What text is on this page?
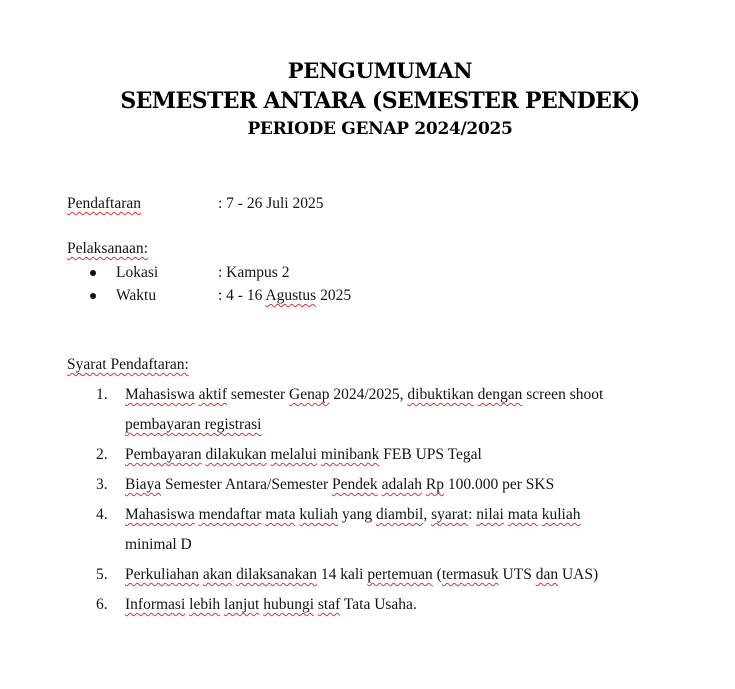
PENGUMUMAN
SEMESTER ANTARA (SEMESTER PENDEK)
PERIODE GENAP 2024/2025
Pendaftaran	: 7 - 26 Juli 2025
Pelaksanaan:
Lokasi	: Kampus 2
Waktu	: 4 - 16 Agustus 2025
Syarat Pendaftaran:
1. Mahasiswa aktif semester Genap 2024/2025, dibuktikan dengan screen shoot
pembayaran registrasi
2. Pembayaran dilakukan melalui minibank FEB UPS Tegal
3. Biaya Semester Antara/Semester Pendek adalah Rp 100.000 per SKS
4. Mahasiswa mendaftar mata kuliah yang diambil, syarat: nilai mata kuliah
minimal D
5. Perkuliahan akan dilaksanakan 14 kali pertemuan (termasuk UTS dan UAS)
6. Informasi lebih lanjut hubungi staf Tata Usaha.
